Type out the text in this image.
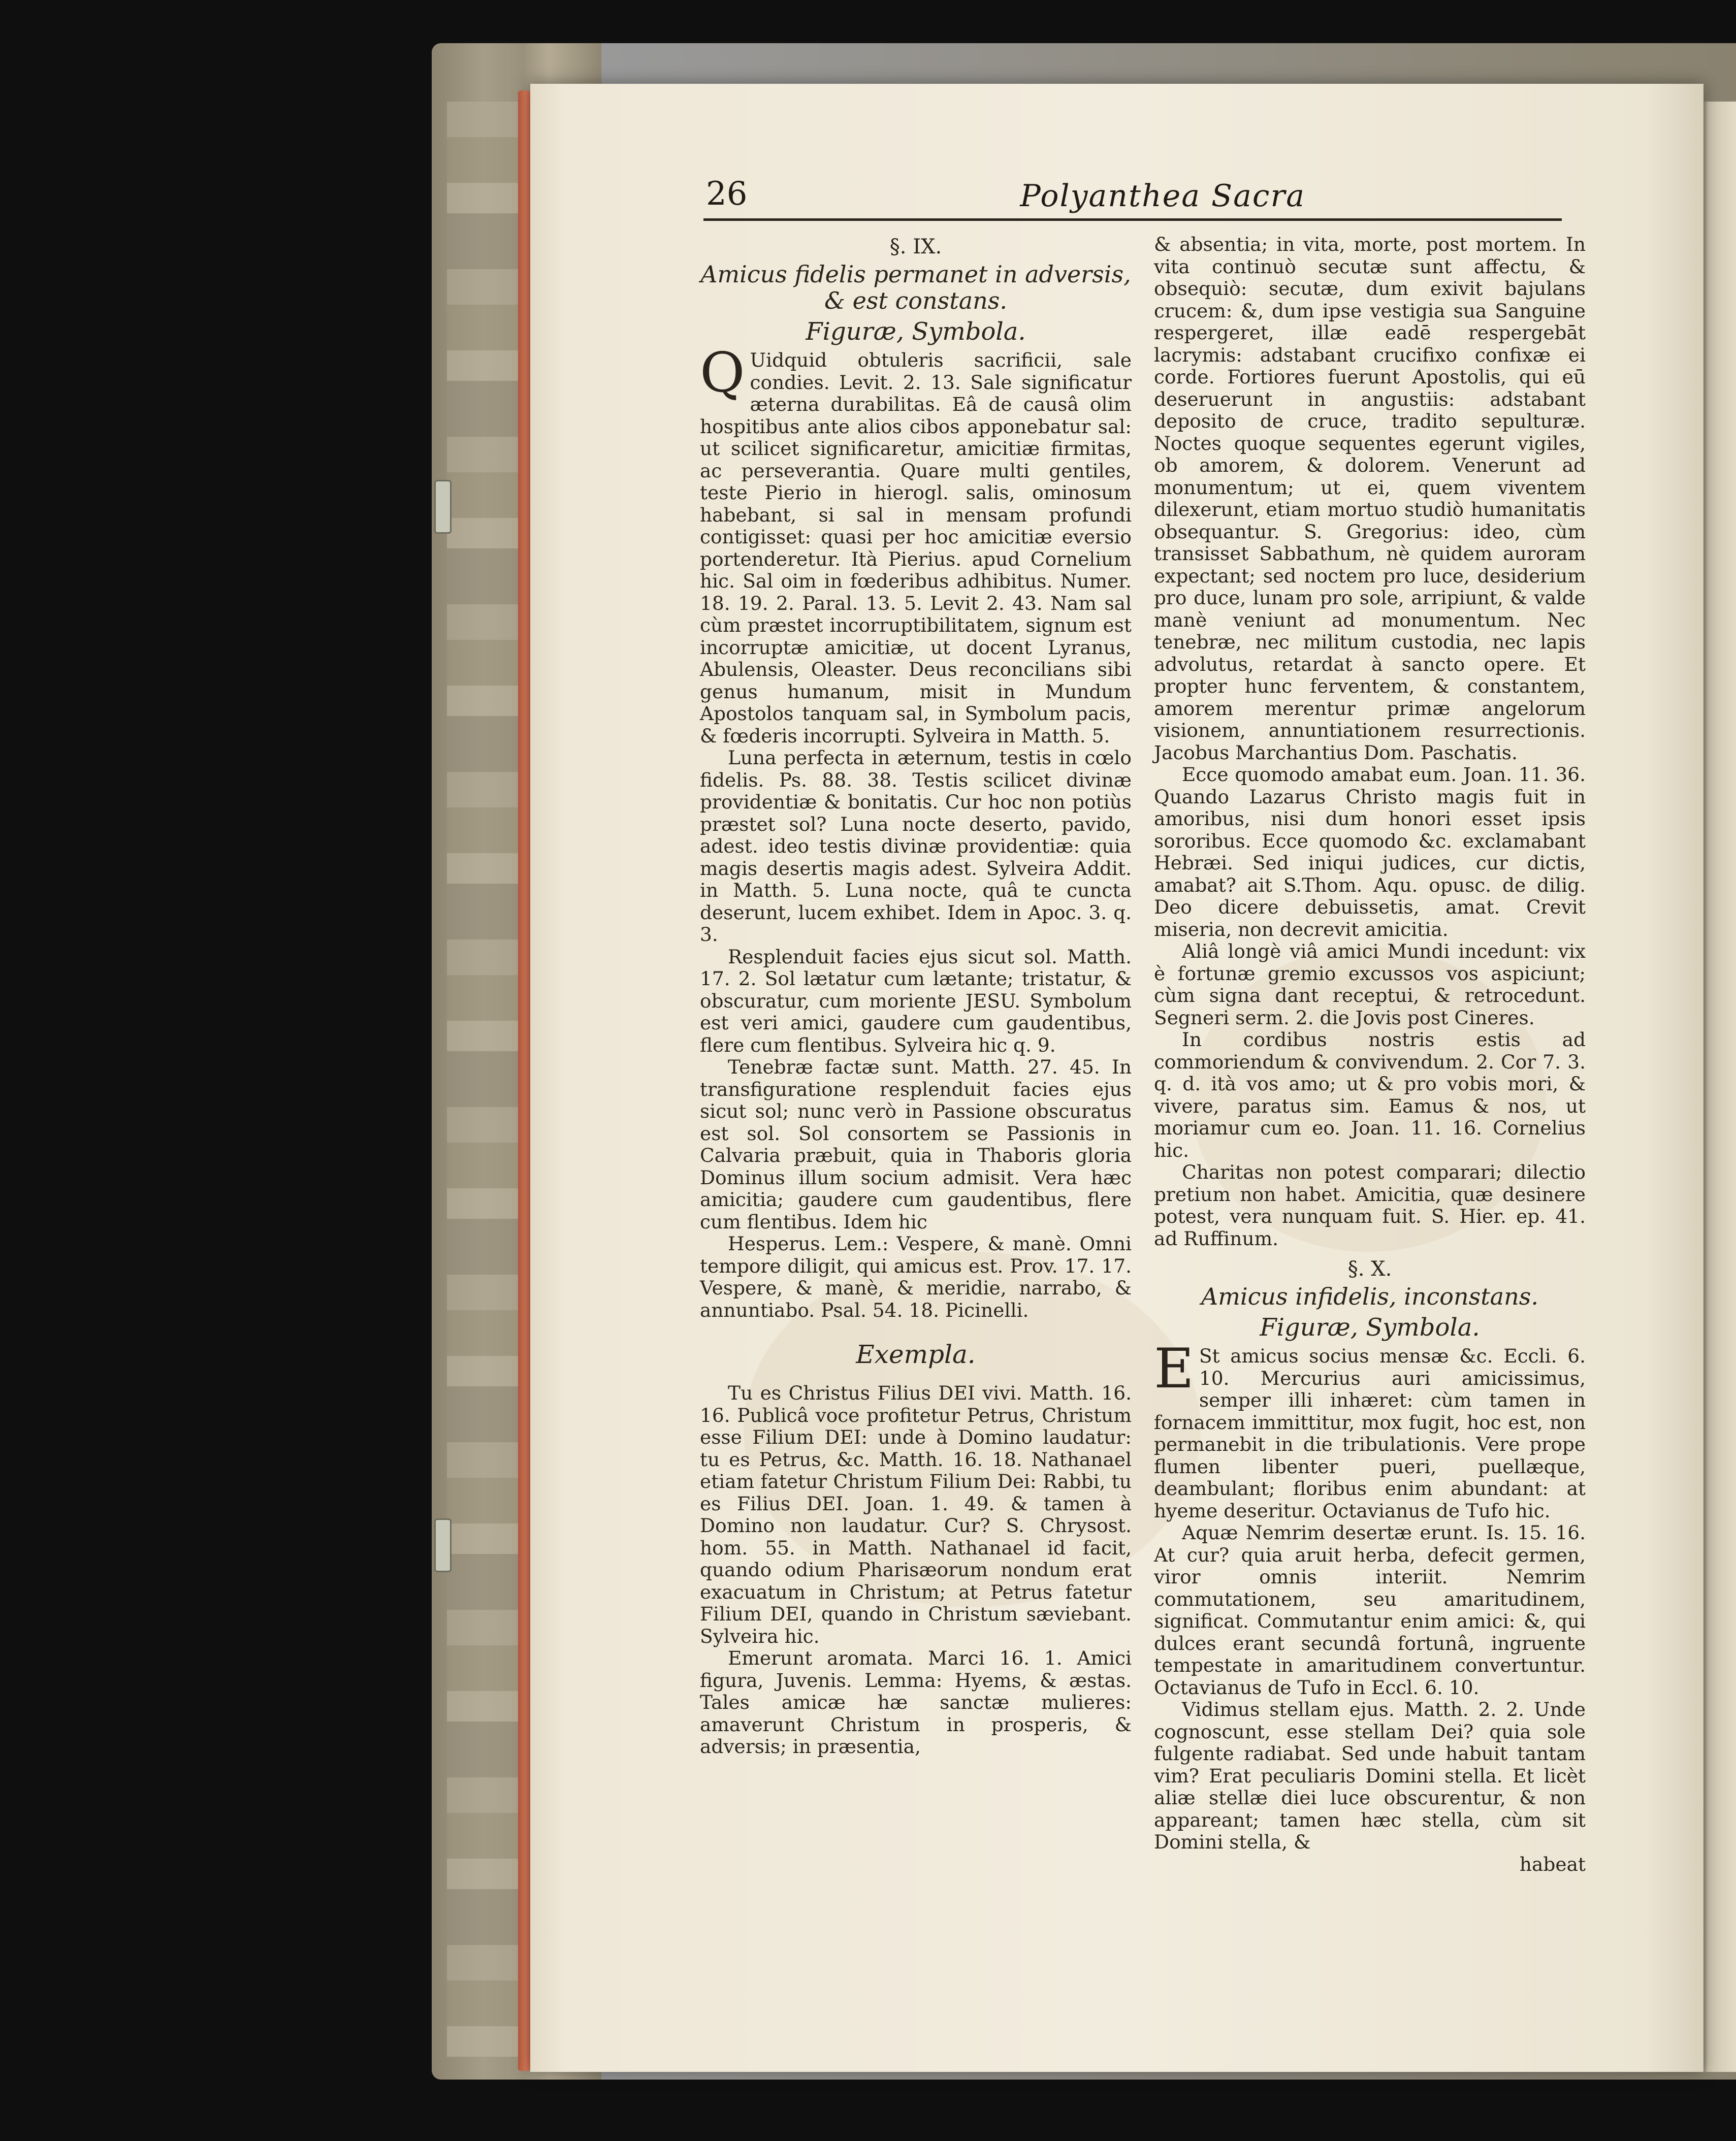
26	Polyanthea Sacra

§. IX.

Amicus fidelis permanet in adversis, & est constans.

Figuræ, Symbola.

Q Uidquid obtuleris sacrificii, sale condies. Levit. 2. 13. Sale significatur æterna durabilitas. Eâ de causâ olim hospitibus ante alios cibos apponebatur sal: ut scilicet significaretur, amicitiæ firmitas, ac perseverantia. Quare multi gentiles, teste Pierio in hierogl. salis, ominosum habebant, si sal in mensam profundi contigisset: quasi per hoc amicitiæ eversio portenderetur. Ità Pierius. apud Cornelium hic. Sal oim in fœderibus adhibitus. Numer. 18. 19. 2. Paral. 13. 5. Levit 2. 43. Nam sal cùm præstet incorruptibilitatem, signum est incorruptæ amicitiæ, ut docent Lyranus, Abulensis, Oleaster. Deus reconcilians sibi genus humanum, misit in Mundum Apostolos tanquam sal, in Symbolum pacis, & fœderis incorrupti. Sylveira in Matth. 5.

Luna perfecta in æternum, testis in cœlo fidelis. Ps. 88. 38. Testis scilicet divinæ providentiæ & bonitatis. Cur hoc non potiùs præstet sol? Luna nocte deserto, pavido, adest. ideo testis divinæ providentiæ: quia magis desertis magis adest. Sylveira Addit. in Matth. 5. Luna nocte, quâ te cuncta deserunt, lucem exhibet. Idem in Apoc. 3. q. 3.

Resplenduit facies ejus sicut sol. Matth. 17. 2. Sol lætatur cum lætante; tristatur, & obscuratur, cum moriente JESU. Symbolum est veri amici, gaudere cum gaudentibus, flere cum flentibus. Sylveira hic q. 9.

Tenebræ factæ sunt. Matth. 27. 45. In transfiguratione resplenduit facies ejus sicut sol; nunc verò in Passione obscuratus est sol. Sol consortem se Passionis in Calvaria præbuit, quia in Thaboris gloria Dominus illum socium admisit. Vera hæc amicitia; gaudere cum gaudentibus, flere cum flentibus. Idem hic

Hesperus. Lem.: Vespere, & manè. Omni tempore diligit, qui amicus est. Prov. 17. 17. Vespere, & manè, & meridie, narrabo, & annuntiabo. Psal. 54. 18. Picinelli.

Exempla.

Tu es Christus Filius DEI vivi. Matth. 16. 16. Publicâ voce profitetur Petrus, Christum esse Filium DEI: unde à Domino laudatur: tu es Petrus, &c. Matth. 16. 18. Nathanael etiam fatetur Christum Filium Dei: Rabbi, tu es Filius DEI. Joan. 1. 49. & tamen à Domino non laudatur. Cur? S. Chrysost. hom. 55. in Matth. Nathanael id facit, quando odium Pharisæorum nondum erat exacuatum in Christum; at Petrus fatetur Filium DEI, quando in Christum sæviebant. Sylveira hic.

Emerunt aromata. Marci 16. 1. Amici figura, Juvenis. Lemma: Hyems, & æstas. Tales amicæ hæ sanctæ mulieres: amaverunt Christum in prosperis, & adversis; in præsentia,

& absentia; in vita, morte, post mortem. In vita continuò secutæ sunt affectu, & obsequiò: secutæ, dum exivit bajulans crucem: &, dum ipse vestigia sua Sanguine respergeret, illæ eadē respergebāt lacrymis: adstabant crucifixo confixæ ei corde. Fortiores fuerunt Apostolis, qui eū deseruerunt in angustiis: adstabant deposito de cruce, tradito sepulturæ. Noctes quoque sequentes egerunt vigiles, ob amorem, & dolorem. Venerunt ad monumentum; ut ei, quem viventem dilexerunt, etiam mortuo studiò humanitatis obsequantur. S. Gregorius: ideo, cùm transisset Sabbathum, nè quidem auroram expectant; sed noctem pro luce, desiderium pro duce, lunam pro sole, arripiunt, & valde manè veniunt ad monumentum. Nec tenebræ, nec militum custodia, nec lapis advolutus, retardat à sancto opere. Et propter hunc ferventem, & constantem, amorem merentur primæ angelorum visionem, annuntiationem resurrectionis. Jacobus Marchantius Dom. Paschatis.

Ecce quomodo amabat eum. Joan. 11. 36. Quando Lazarus Christo magis fuit in amoribus, nisi dum honori esset ipsis sororibus. Ecce quomodo &c. exclamabant Hebræi. Sed iniqui judices, cur dictis, amabat? ait S.Thom. Aqu. opusc. de dilig. Deo dicere debuissetis, amat. Crevit miseria, non decrevit amicitia.

Aliâ longè viâ amici Mundi incedunt: vix è fortunæ gremio excussos vos aspiciunt; cùm signa dant receptui, & retrocedunt. Segneri serm. 2. die Jovis post Cineres.

In cordibus nostris estis ad commoriendum & convivendum. 2. Cor 7. 3. q. d. ità vos amo; ut & pro vobis mori, & vivere, paratus sim. Eamus & nos, ut moriamur cum eo. Joan. 11. 16. Cornelius hic.

Charitas non potest comparari; dilectio pretium non habet. Amicitia, quæ desinere potest, vera nunquam fuit. S. Hier. ep. 41. ad Ruffinum.

§. X.

Amicus infidelis, inconstans.

Figuræ, Symbola.

E St amicus socius mensæ &c. Eccli. 6. 10. Mercurius auri amicissimus, semper illi inhæret: cùm tamen in fornacem immittitur, mox fugit, hoc est, non permanebit in die tribulationis. Vere prope flumen libenter pueri, puellæque, deambulant; floribus enim abundant: at hyeme deseritur. Octavianus de Tufo hic.

Aquæ Nemrim desertæ erunt. Is. 15. 16. At cur? quia aruit herba, defecit germen, viror omnis interiit. Nemrim commutationem, seu amaritudinem, significat. Commutantur enim amici: &, qui dulces erant secundâ fortunâ, ingruente tempestate in amaritudinem convertuntur. Octavianus de Tufo in Eccl. 6. 10.

Vidimus stellam ejus. Matth. 2. 2. Unde cognoscunt, esse stellam Dei? quia sole fulgente radiabat. Sed unde habuit tantam vim? Erat peculiaris Domini stella. Et licèt aliæ stellæ diei luce obscurentur, & non appareant; tamen hæc stella, cùm sit Domini stella, &

habeat
